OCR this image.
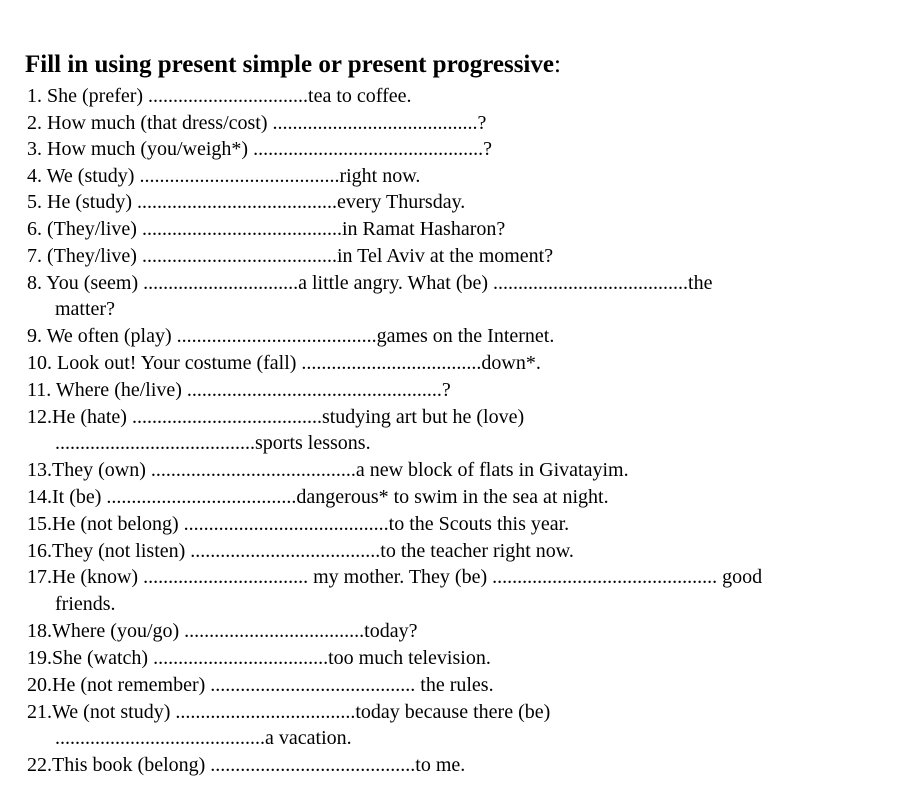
Fill in using present simple or present progressive:
1. She (prefer) ................................tea to coffee.
2. How much (that dress/cost) .........................................?
3. How much (you/weigh*) ..............................................?
4. We (study) ........................................right now.
5. He (study) ........................................every Thursday.
6. (They/live) ........................................in Ramat Hasharon?
7. (They/live) .......................................in Tel Aviv at the moment?
8. You (seem) ...............................a little angry. What (be) .......................................the
matter?
9. We often (play) ........................................games on the Internet.
10. Look out! Your costume (fall) ....................................down*.
11. Where (he/live) ...................................................?
12.He (hate) ......................................studying art but he (love)
........................................sports lessons.
13.They (own) .........................................a new block of flats in Givatayim.
14.It (be) ......................................dangerous* to swim in the sea at night.
15.He (not belong) .........................................to the Scouts this year.
16.They (not listen) ......................................to the teacher right now.
17.He (know) ................................. my mother. They (be) ............................................. good
friends.
18.Where (you/go) ....................................today?
19.She (watch) ...................................too much television.
20.He (not remember) ......................................... the rules.
21.We (not study) ....................................today because there (be)
..........................................a vacation.
22.This book (belong) .........................................to me.
